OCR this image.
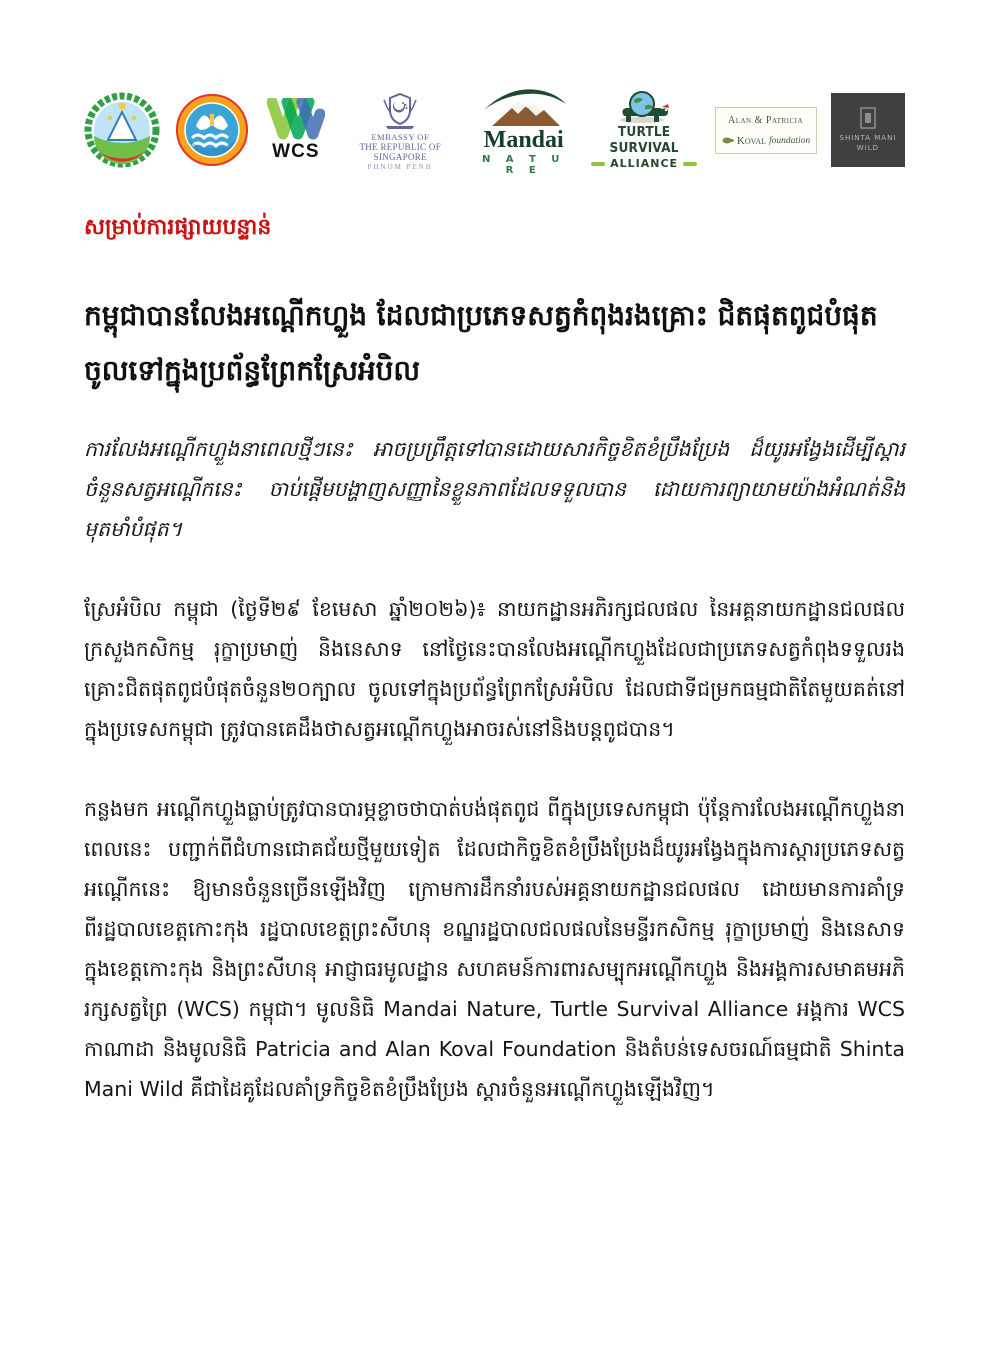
WCS
EMBASSY OF
THE REPUBLIC OF SINGAPORE
PHNOM PENH
Mandai
N A T U R E
TURTLE SURVIVAL
ALLIANCE
Alan & Patricia
Koval foundation	SHINTA MANI
WILD
សម្រាប់ការផ្សាយបន្ទាន់
កម្ពុជាបានលែងអណ្ដើកហ្លួង ដែលជាប្រភេទសត្វកំពុងរងគ្រោះ ជិតផុតពូជបំផុត ចូលទៅក្នុងប្រព័ន្ធព្រែកស្រែអំបិល
ការលែងអណ្ដើកហ្លួងនាពេលថ្មីៗនេះ អាចប្រព្រឹត្តទៅបានដោយសារកិច្ចខិតខំប្រឹងប្រែង ដ៏យូរអង្វែងដើម្បីស្ដារចំនួនសត្វអណ្ដើកនេះ ចាប់ផ្ដើមបង្ហាញសញ្ញានៃខ្លួនភាពដែលទទួលបាន ដោយការព្យាយាមយ៉ាងអំណត់និងមុតមាំបំផុត។
ស្រែអំបិល កម្ពុជា (ថ្ងៃទី២៩ ខែមេសា ឆ្នាំ២០២៦)៖ នាយកដ្ឋានអភិរក្សជលផល នៃអគ្គនាយកដ្ឋានជលផល ក្រសួងកសិកម្ម រុក្ខាប្រមាញ់ និងនេសាទ នៅថ្ងៃនេះបានលែងអណ្ដើកហ្លួងដែលជាប្រភេទសត្វកំពុងទទួលរងគ្រោះជិតផុតពូជបំផុតចំនួន២០ក្បាល ចូលទៅក្នុងប្រព័ន្ធព្រែកស្រែអំបិល ដែលជាទីជម្រកធម្មជាតិតែមួយគត់នៅក្នុងប្រទេសកម្ពុជា ត្រូវបានគេដឹងថាសត្វអណ្ដើកហ្លួងអាចរស់នៅនិងបន្តពូជបាន។
កន្លងមក អណ្ដើកហ្លួងធ្លាប់ត្រូវបានបារម្ភខ្លាចថាបាត់បង់ផុតពូជ ពីក្នុងប្រទេសកម្ពុជា ប៉ុន្តែការលែងអណ្ដើកហ្លួងនាពេលនេះ បញ្ជាក់ពីជំហានជោគជ័យថ្មីមួយទៀត ដែលជាកិច្ចខិតខំប្រឹងប្រែងដ៏យូរអង្វែងក្នុងការស្ដារប្រភេទសត្វអណ្ដើកនេះ ឱ្យមានចំនួនច្រើនឡើងវិញ ក្រោមការដឹកនាំរបស់អគ្គនាយកដ្ឋានជលផល ដោយមានការគាំទ្រពីរដ្ឋបាលខេត្តកោះកុង រដ្ឋបាលខេត្តព្រះសីហនុ ខណ្ឌរដ្ឋបាលជលផលនៃមន្ទីរកសិកម្ម រុក្ខាប្រមាញ់ និងនេសាទ ក្នុងខេត្តកោះកុង និងព្រះសីហនុ អាជ្ញាធរមូលដ្ឋាន សហគមន៍ការពារសម្បុកអណ្ដើកហ្លួង និងអង្គការសមាគមអភិរក្សសត្វព្រៃ (WCS) កម្ពុជា។ មូលនិធិ Mandai Nature, Turtle Survival Alliance អង្គការ WCS កាណាដា និងមូលនិធិ Patricia and Alan Koval Foundation និងតំបន់ទេសចរណ៍ធម្មជាតិ Shinta Mani Wild គឺជាដៃគូដែលគាំទ្រកិច្ចខិតខំប្រឹងប្រែង ស្ដារចំនួនអណ្ដើកហ្លួងឡើងវិញ។
